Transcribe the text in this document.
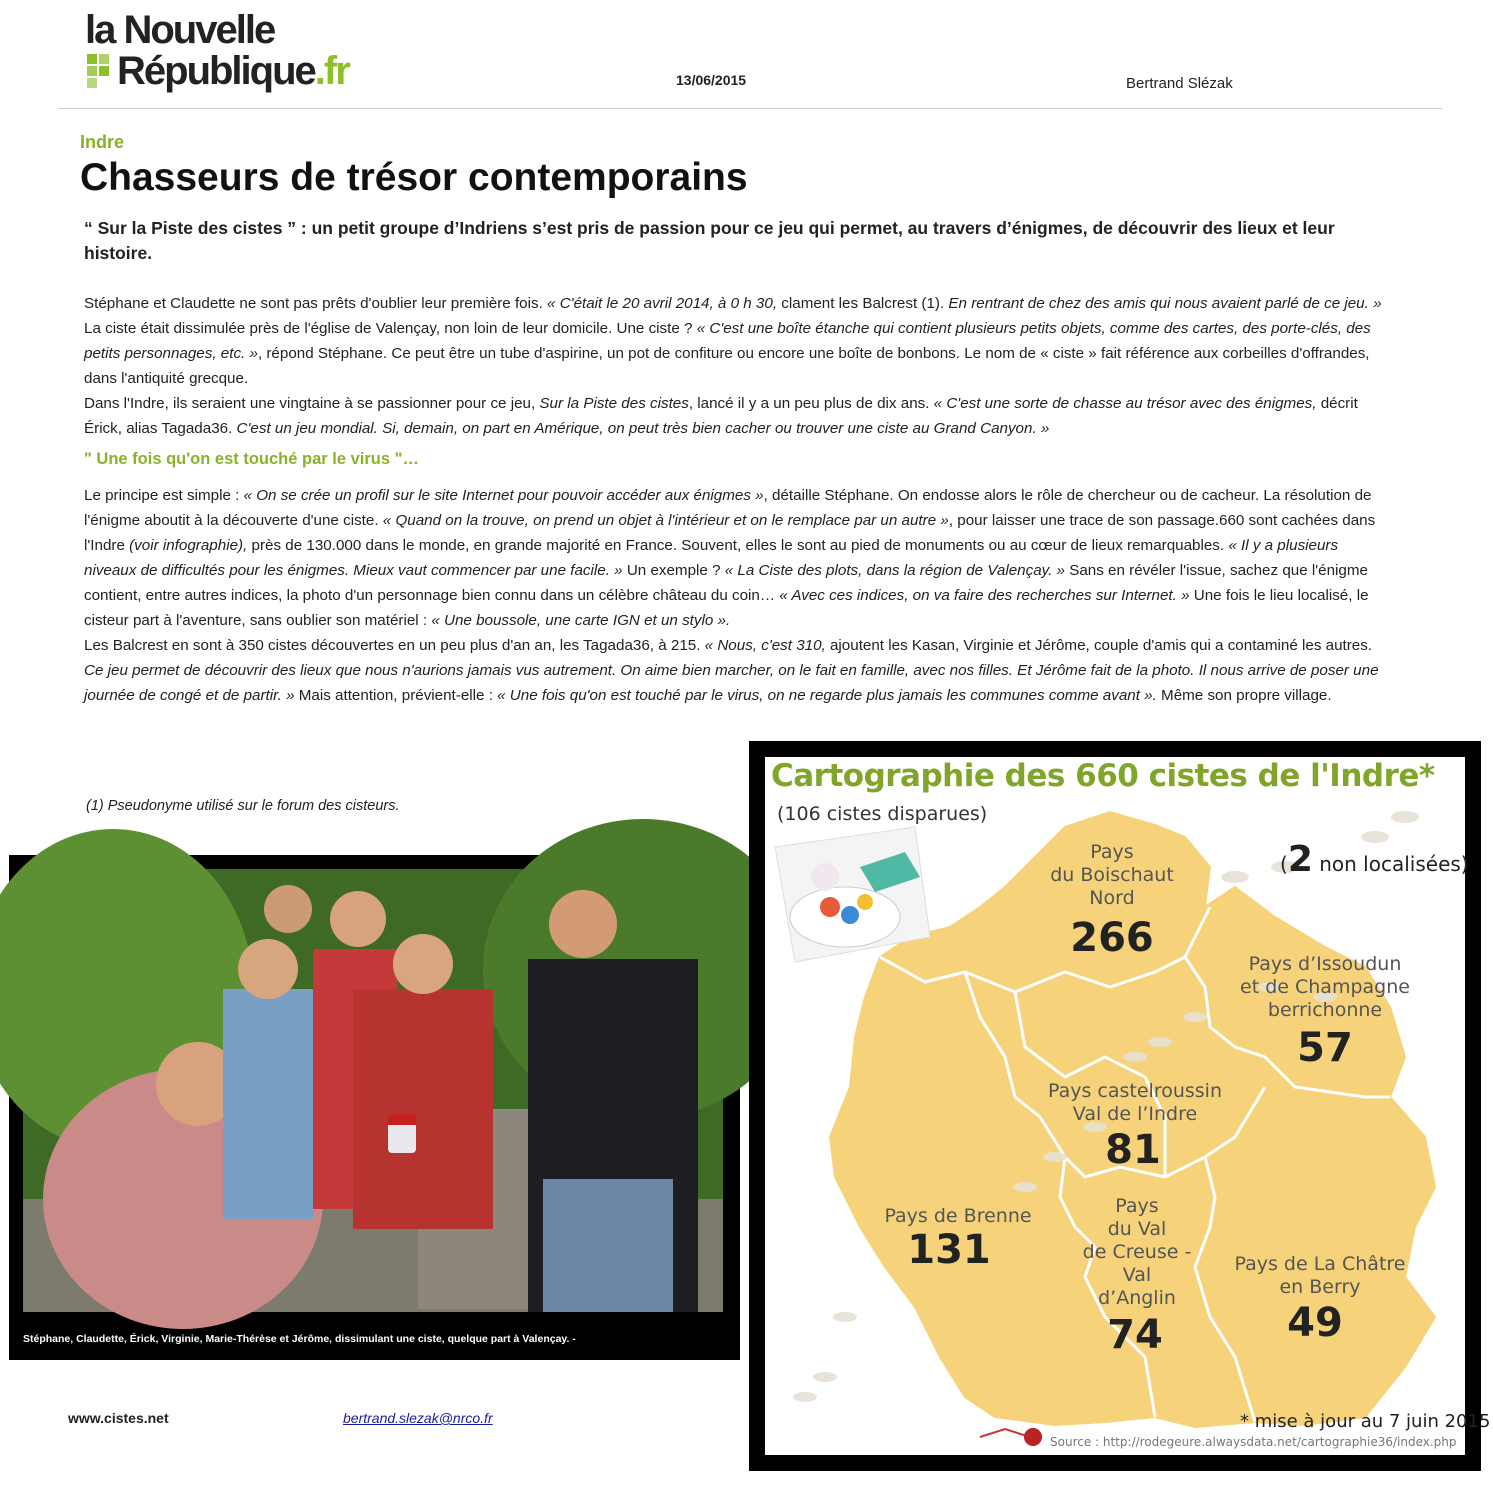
la Nouvelle
République.fr	13/06/2015	Bertrand Slézak
Indre
Chasseurs de trésor contemporains
“ Sur la Piste des cistes ” : un petit groupe d’Indriens s’est pris de passion pour ce jeu qui permet, au travers d’énigmes, de découvrir des lieux et leur histoire.

Stéphane et Claudette ne sont pas prêts d'oublier leur première fois. « C'était le 20 avril 2014, à 0 h 30, clament les Balcrest (1). En rentrant de chez des amis qui nous avaient parlé de ce jeu. » La ciste était dissimulée près de l'église de Valençay, non loin de leur domicile. Une ciste ? « C'est une boîte étanche qui contient plusieurs petits objets, comme des cartes, des porte-clés, des petits personnages, etc. », répond Stéphane. Ce peut être un tube d'aspirine, un pot de confiture ou encore une boîte de bonbons. Le nom de « ciste » fait référence aux corbeilles d'offrandes, dans l'antiquité grecque.

Dans l'Indre, ils seraient une vingtaine à se passionner pour ce jeu, Sur la Piste des cistes, lancé il y a un peu plus de dix ans. « C'est une sorte de chasse au trésor avec des énigmes, décrit Érick, alias Tagada36. C'est un jeu mondial. Si, demain, on part en Amérique, on peut très bien cacher ou trouver une ciste au Grand Canyon. »

" Une fois qu'on est touché par le virus "…

Le principe est simple : « On se crée un profil sur le site Internet pour pouvoir accéder aux énigmes », détaille Stéphane. On endosse alors le rôle de chercheur ou de cacheur. La résolution de l'énigme aboutit à la découverte d'une ciste. « Quand on la trouve, on prend un objet à l'intérieur et on le remplace par un autre », pour laisser une trace de son passage.660 sont cachées dans l'Indre (voir infographie), près de 130.000 dans le monde, en grande majorité en France. Souvent, elles le sont au pied de monuments ou au cœur de lieux remarquables. « Il y a plusieurs niveaux de difficultés pour les énigmes. Mieux vaut commencer par une facile. » Un exemple ? « La Ciste des plots, dans la région de Valençay. » Sans en révéler l'issue, sachez que l'énigme contient, entre autres indices, la photo d'un personnage bien connu dans un célèbre château du coin… « Avec ces indices, on va faire des recherches sur Internet. » Une fois le lieu localisé, le cisteur part à l'aventure, sans oublier son matériel : « Une boussole, une carte IGN et un stylo ».

Les Balcrest en sont à 350 cistes découvertes en un peu plus d'an an, les Tagada36, à 215. « Nous, c'est 310, ajoutent les Kasan, Virginie et Jérôme, couple d'amis qui a contaminé les autres. Ce jeu permet de découvrir des lieux que nous n'aurions jamais vus autrement. On aime bien marcher, on le fait en famille, avec nos filles. Et Jérôme fait de la photo. Il nous arrive de poser une journée de congé et de partir. » Mais attention, prévient-elle : « Une fois qu'on est touché par le virus, on ne regarde plus jamais les communes comme avant ». Même son propre village.

(1) Pseudonyme utilisé sur le forum des cisteurs.
Stéphane, Claudette, Érick, Virginie, Marie-Thérèse et Jérôme, dissimulant une ciste, quelque part à Valençay. -
www.cistes.net	bertrand.slezak@nrco.fr
Cartographie des 660 cistes de l'Indre*
(106 cistes disparues)
(2 non localisées)
Pays
du Boischaut
Nord
266
Pays d’Issoudun
et de Champagne
berrichonne
57
Pays castelroussin
Val de l’Indre
81
Pays de Brenne
131
Pays
du Val
de Creuse -
Val
d’Anglin
74
Pays de La Châtre
en Berry
49
* mise à jour au 7 juin 2015
Source : http://rodegeure.alwaysdata.net/cartographie36/index.php
